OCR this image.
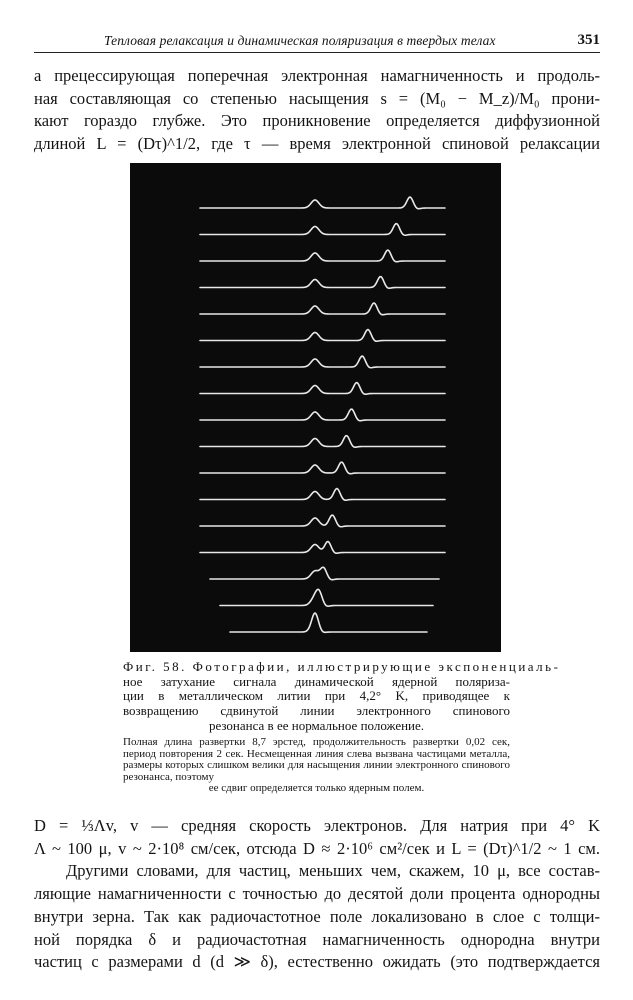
Тепловая релаксация и динамическая поляризация в твердых телах	351
а прецессирующая поперечная электронная намагниченность и продоль-
ная составляющая со степенью насыщения s = (M₀ − M_z)/M₀ прони-
кают гораздо глубже. Это проникновение определяется диффузионной
длиной L = (Dτ)^1/2, где τ — время электронной спиновой релаксации
Фиг. 58. Фотографии, иллюстрирующие экспоненциаль-
ное затухание сигнала динамической ядерной поляризa-
ции в металлическом литии при 4,2° K, приводящее к
возвращению сдвинутой линии электронного спинового
резонанса в ее нормальное положение.
Полная длина развертки 8,7 эрстед, продолжительность развертки 0,02 сек, период повторения 2 сек. Несмещенная линия слева вызвана частицами металла, размеры которых слишком велики для насыщения линии электронного спинового резонанса, поэтому
ее сдвиг определяется только ядерным полем.
D = ⅓Λv, v — средняя скорость электронов. Для натрия при 4° K
Λ ~ 100 μ, v ~ 2·10⁸ см/сек, отсюда D ≈ 2·10⁶ см²/сек и L = (Dτ)^1/2 ~ 1 см.
Другими словами, для частиц, меньших чем, скажем, 10 μ, все состав-
ляющие намагниченности с точностью до десятой доли процента однородны
внутри зерна. Так как радиочастотное поле локализовано в слое с толщи-
ной порядка δ и радиочастотная намагниченность однородна внутри
частиц с размерами d (d ≫ δ), естественно ожидать (это подтверждается
